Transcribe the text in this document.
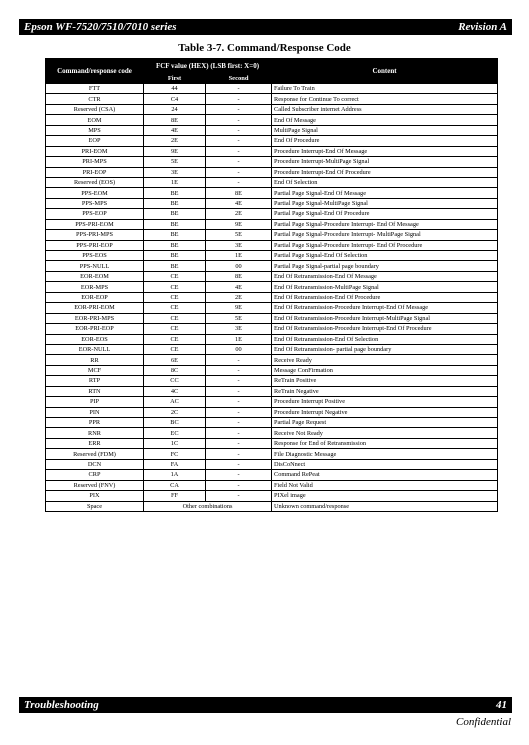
Epson WF-7520/7510/7010 series	Revision A
Table 3-7. Command/Response Code
Command/response code	FCF value (HEX) (LSB first: X=0)		Content
	First	Second	
FTT	44	-	Failure To Train
CTR	C4	-	Response for Continue To correct
Reserved (CSA)	24	-	Called Subscriber internet Address
EOM	8E	-	End Of Message
MPS	4E	-	MultiPage Signal
EOP	2E	-	End Of Procedure
PRI-EOM	9E	-	Procedure Interrupt-End Of Message
PRI-MPS	5E	-	Procedure Interrupt-MultiPage Signal
PRI-EOP	3E	-	Procedure Interrupt-End Of Procedure
Reserved (EOS)	1E	-	End Of Selection
PPS-EOM	BE	8E	Partial Page Signal-End Of Message
PPS-MPS	BE	4E	Partial Page Signal-MultiPage Signal
PPS-EOP	BE	2E	Partial Page Signal-End Of Procedure
PPS-PRI-EOM	BE	9E	Partial Page Signal-Procedure Interrupt- End Of Message
PPS-PRI-MPS	BE	5E	Partial Page Signal-Procedure Interrupt- MultiPage Signal
PPS-PRI-EOP	BE	3E	Partial Page Signal-Procedure Interrupt- End Of Procedure
PPS-EOS	BE	1E	Partial Page Signal-End Of Selection
PPS-NULL	BE	00	Partial Page Signal-partial page boundary
EOR-EOM	CE	8E	End Of Retransmission-End Of Message
EOR-MPS	CE	4E	End Of Retransmission-MultiPage Signal
EOR-EOP	CE	2E	End Of Retransmission-End Of Procedure
EOR-PRI-EOM	CE	9E	End Of Retransmission-Procedure Interrupt-End Of Message
EOR-PRI-MPS	CE	5E	End Of Retransmission-Procedure Interrupt-MultiPage Signal
EOR-PRI-EOP	CE	3E	End Of Retransmission-Procedure Interrupt-End Of Procedure
EOR-EOS	CE	1E	End Of Retransmission-End Of Selection
EOR-NULL	CE	00	End Of Retransmission- partial page boundary
RR	6E	-	Receive Ready
MCF	8C	-	Message ConFirmation
RTP	CC	-	ReTrain Positive
RTN	4C	-	ReTrain Negative
PIP	AC	-	Procedure Interrupt Positive
PIN	2C	-	Procedure Interrupt Negative
PPR	BC	-	Partial Page Request
RNR	EC	-	Receive Not Ready
ERR	1C	-	Response for End of Retransmission
Reserved (FDM)	FC	-	File Diagnostic Message
DCN	FA	-	DisCoNnect
CRP	1A	-	Command RePeat
Reserved (FNV)	CA	-	Field Not Valid
PIX	FF	-	PIXel image
Space	Other combinations		Unknown command/response
Troubleshooting	41
Confidential
